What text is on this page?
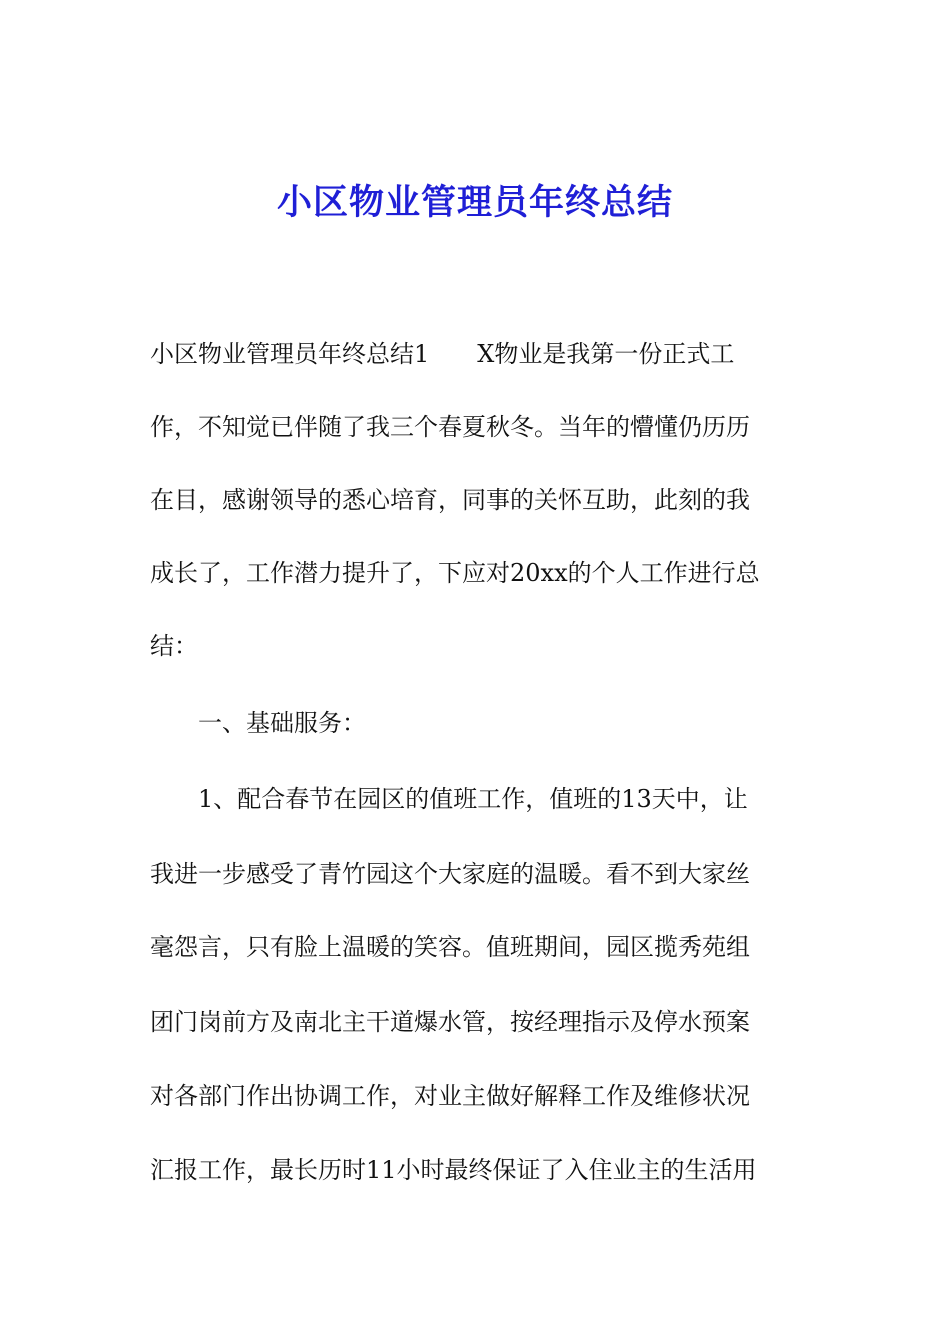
小区物业管理员年终总结
小区物业管理员年终总结1　　X物业是我第一份正式工
作，不知觉已伴随了我三个春夏秋冬。当年的懵懂仍历历
在目，感谢领导的悉心培育，同事的关怀互助，此刻的我
成长了，工作潜力提升了，下应对20xx的个人工作进行总
结：
　　一、基础服务：
　　1、配合春节在园区的值班工作，值班的13天中，让
我进一步感受了青竹园这个大家庭的温暖。看不到大家丝
毫怨言，只有脸上温暖的笑容。值班期间，园区揽秀苑组
团门岗前方及南北主干道爆水管，按经理指示及停水预案
对各部门作出协调工作，对业主做好解释工作及维修状况
汇报工作，最长历时11小时最终保证了入住业主的生活用
